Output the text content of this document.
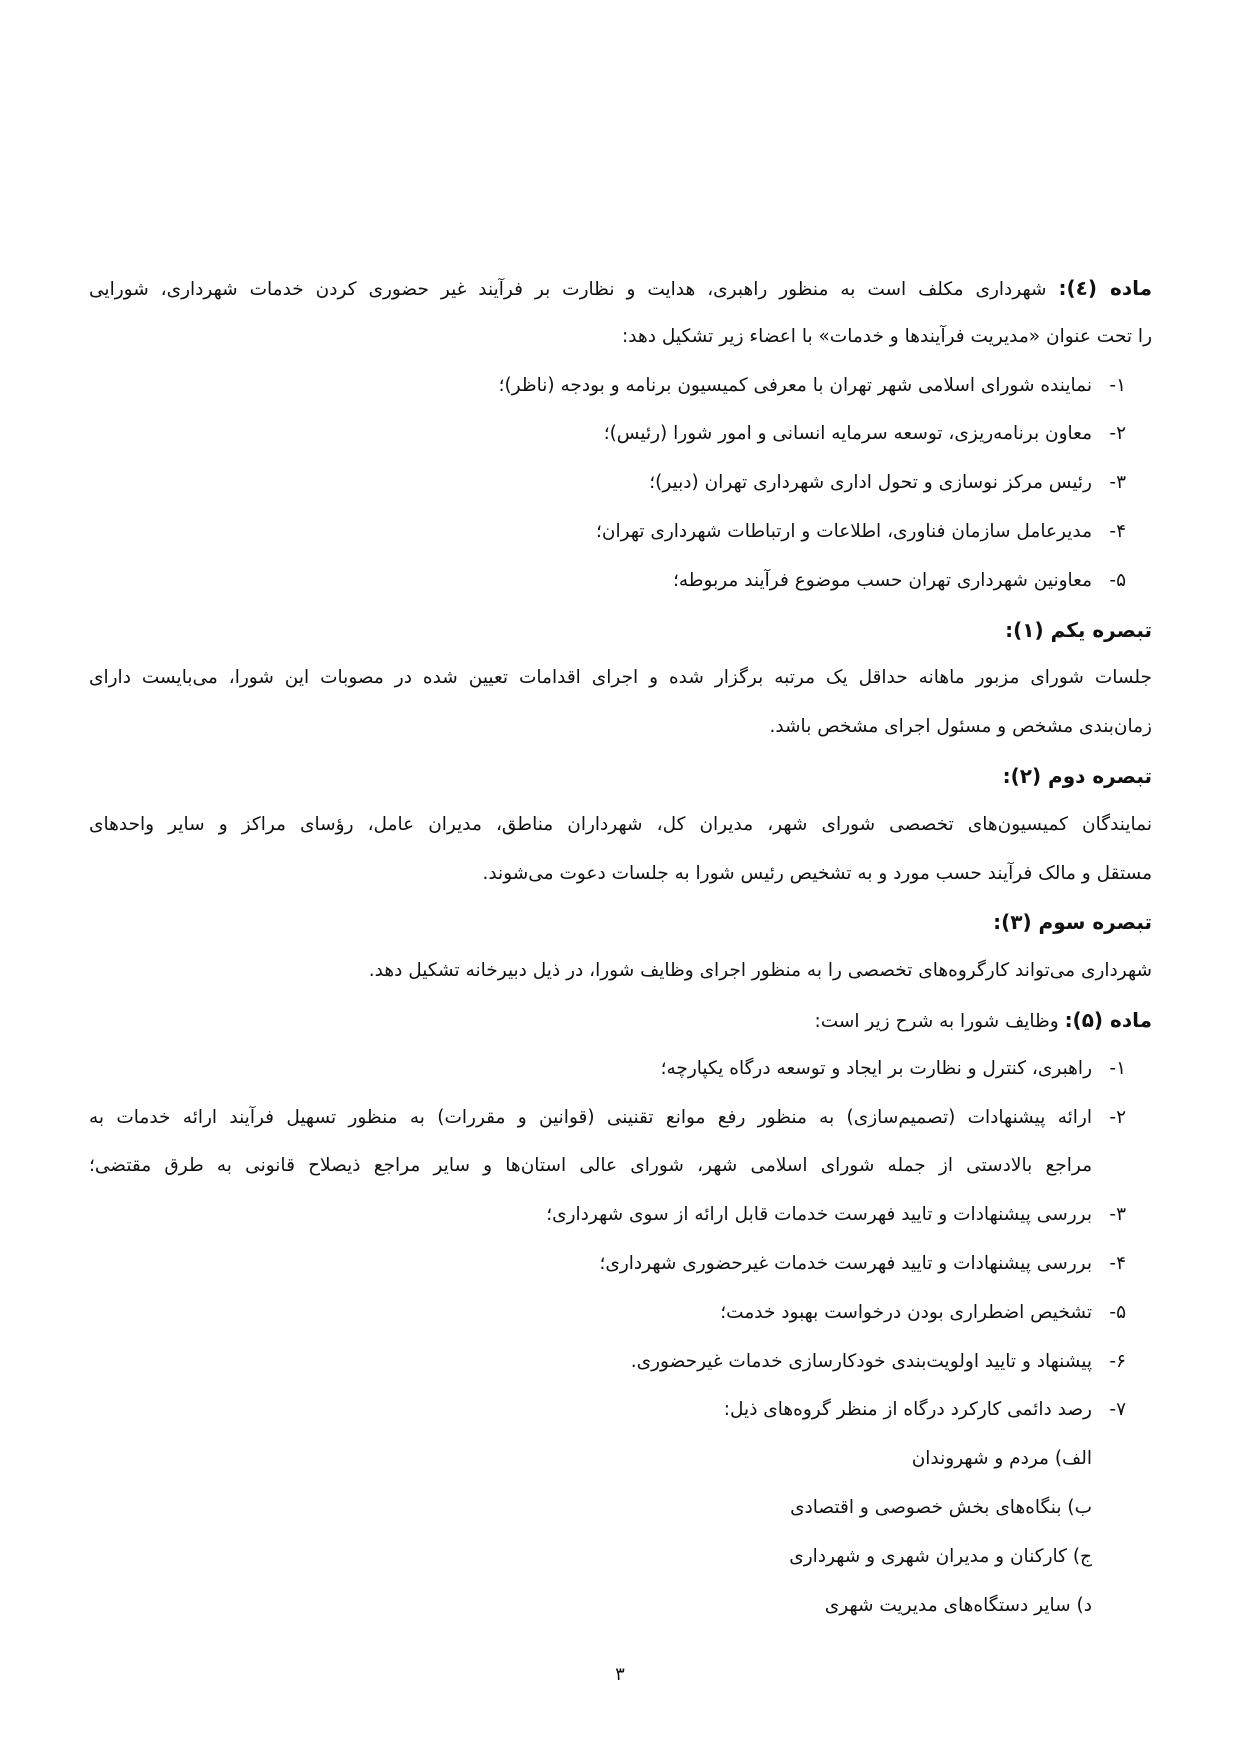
ماده (٤): شهرداری مکلف است به منظور راهبری، هدایت و نظارت بر فرآیند غیر حضوری کردن خدمات شهرداری، شورایی
را تحت عنوان «مدیریت فرآیندها و خدمات» با اعضاء زیر تشکیل دهد:
۱-نماینده شورای اسلامی شهر تهران با معرفی کمیسیون برنامه و بودجه (ناظر)؛
۲-معاون برنامه‌ریزی، توسعه سرمایه انسانی و امور شورا (رئیس)؛
۳-رئیس مرکز نوسازی و تحول اداری شهرداری تهران (دبیر)؛
۴-مدیرعامل سازمان فناوری، اطلاعات و ارتباطات شهرداری تهران؛
۵-معاونین شهرداری تهران حسب موضوع فرآیند مربوطه؛
تبصره یکم (۱):
جلسات شورای مزبور ماهانه حداقل یک مرتبه برگزار شده و اجرای اقدامات تعیین شده در مصوبات این شورا، می‌بایست دارای
زمان‌بندی مشخص و مسئول اجرای مشخص باشد.
تبصره دوم (۲):
نمایندگان کمیسیون‌های تخصصی شورای شهر، مدیران کل، شهرداران مناطق، مدیران عامل، رؤسای مراکز و سایر واحدهای
مستقل و مالک فرآیند حسب مورد و به تشخیص رئیس شورا به جلسات دعوت می‌شوند.
تبصره سوم (۳):
شهرداری می‌تواند کارگروه‌های تخصصی را به منظور اجرای وظایف شورا، در ذیل دبیرخانه تشکیل دهد.
ماده (۵): وظایف شورا به شرح زیر است:
۱-راهبری، کنترل و نظارت بر ایجاد و توسعه درگاه یکپارچه؛
۲-ارائه پیشنهادات (تصمیم‌سازی) به منظور رفع موانع تقنینی (قوانین و مقررات) به منظور تسهیل فرآیند ارائه خدمات به
مراجع بالادستی از جمله شورای اسلامی شهر، شورای عالی استان‌ها و سایر مراجع ذیصلاح قانونی به طرق مقتضی؛
۳-بررسی پیشنهادات و تایید فهرست خدمات قابل ارائه از سوی شهرداری؛
۴-بررسی پیشنهادات و تایید فهرست خدمات غیرحضوری شهرداری؛
۵-تشخیص اضطراری بودن درخواست بهبود خدمت؛
۶-پیشنهاد و تایید اولویت‌بندی خودکارسازی خدمات غیرحضوری.
۷-رصد دائمی کارکرد درگاه از منظر گروه‌های ذیل:
الف) مردم و شهروندان
ب) بنگاه‌های بخش خصوصی و اقتصادی
ج) کارکنان و مدیران شهری و شهرداری
د) سایر دستگاه‌های مدیریت شهری
۳
